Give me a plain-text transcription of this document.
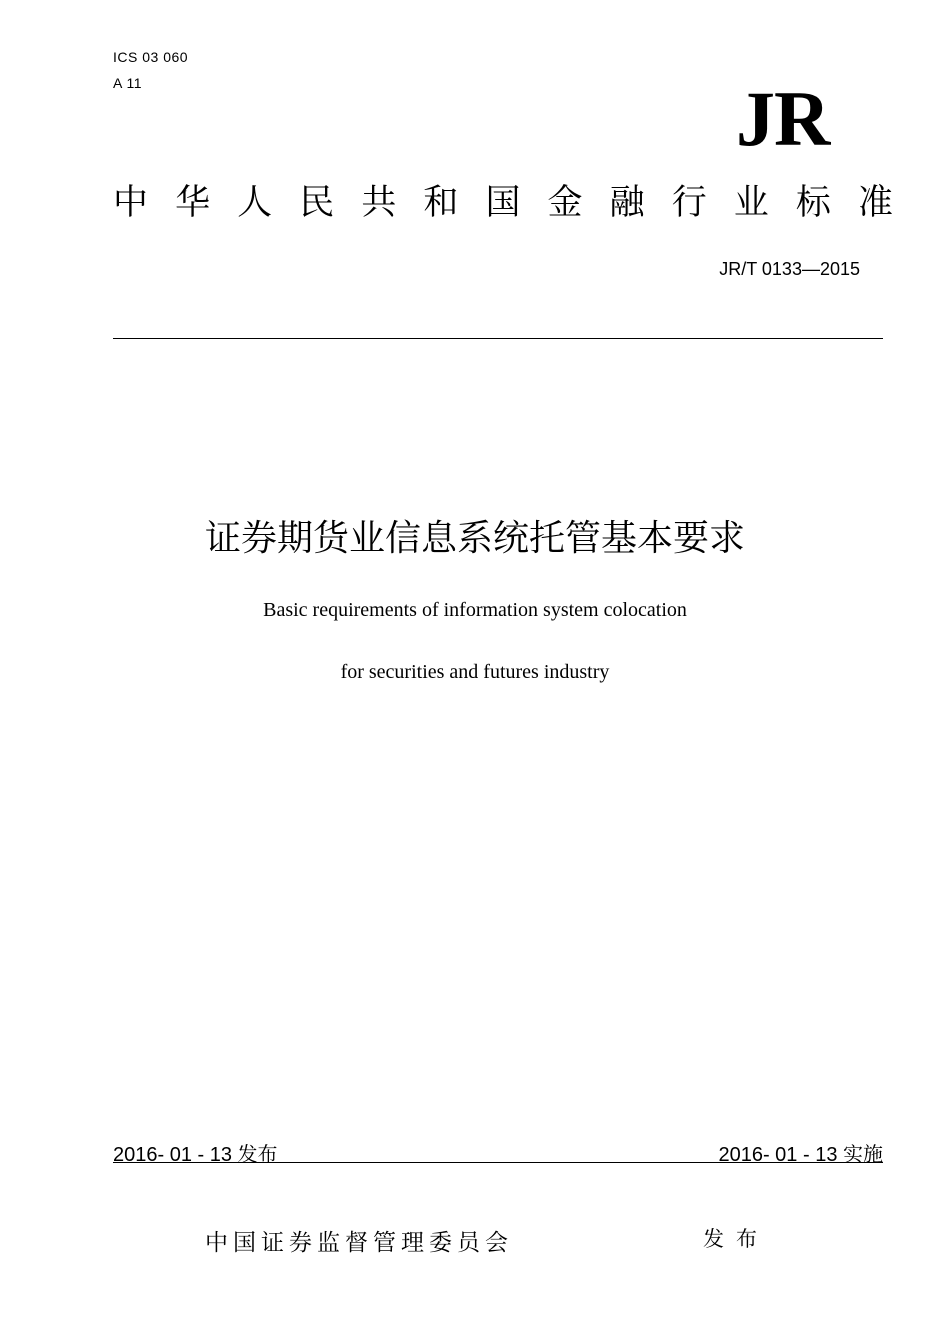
ICS 03 060
A 11	JR
中 华 人 民 共 和 国 金 融 行 业 标 准
JR/T 0133—2015
证券期货业信息系统托管基本要求
Basic requirements of information system colocation
for securities and futures industry
2016- 01 - 13 发布	2016- 01 - 13 实施
中国证券监督管理委员会	发布
